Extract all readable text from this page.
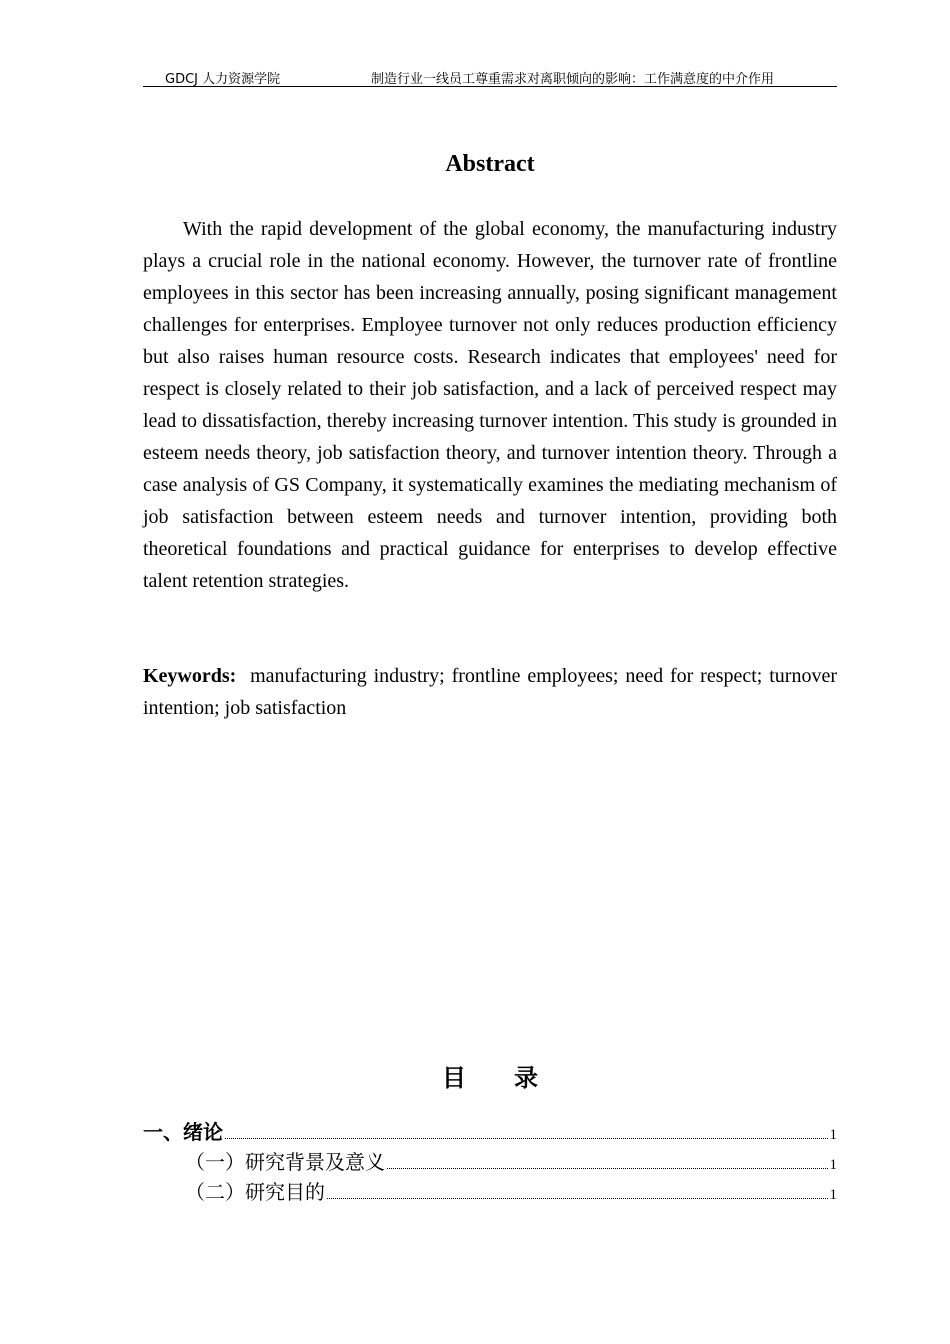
GDCJ 人力资源学院	制造行业一线员工尊重需求对离职倾向的影响：工作满意度的中介作用
Abstract

With the rapid development of the global economy, the manufacturing industry plays a crucial role in the national economy. However, the turnover rate of frontline employees in this sector has been increasing annually, posing significant management challenges for enterprises. Employee turnover not only reduces production efficiency but also raises human resource costs. Research indicates that employees' need for respect is closely related to their job satisfaction, and a lack of perceived respect may lead to dissatisfaction, thereby increasing turnover intention. This study is grounded in esteem needs theory, job satisfaction theory, and turnover intention theory. Through a case analysis of GS Company, it systematically examines the mediating mechanism of job satisfaction between esteem needs and turnover intention, providing both theoretical foundations and practical guidance for enterprises to develop effective talent retention strategies.

Keywords: manufacturing industry; frontline employees; need for respect; turnover intention; job satisfaction

目录
一、绪论	1
（一）研究背景及意义	1
（二）研究目的	1
